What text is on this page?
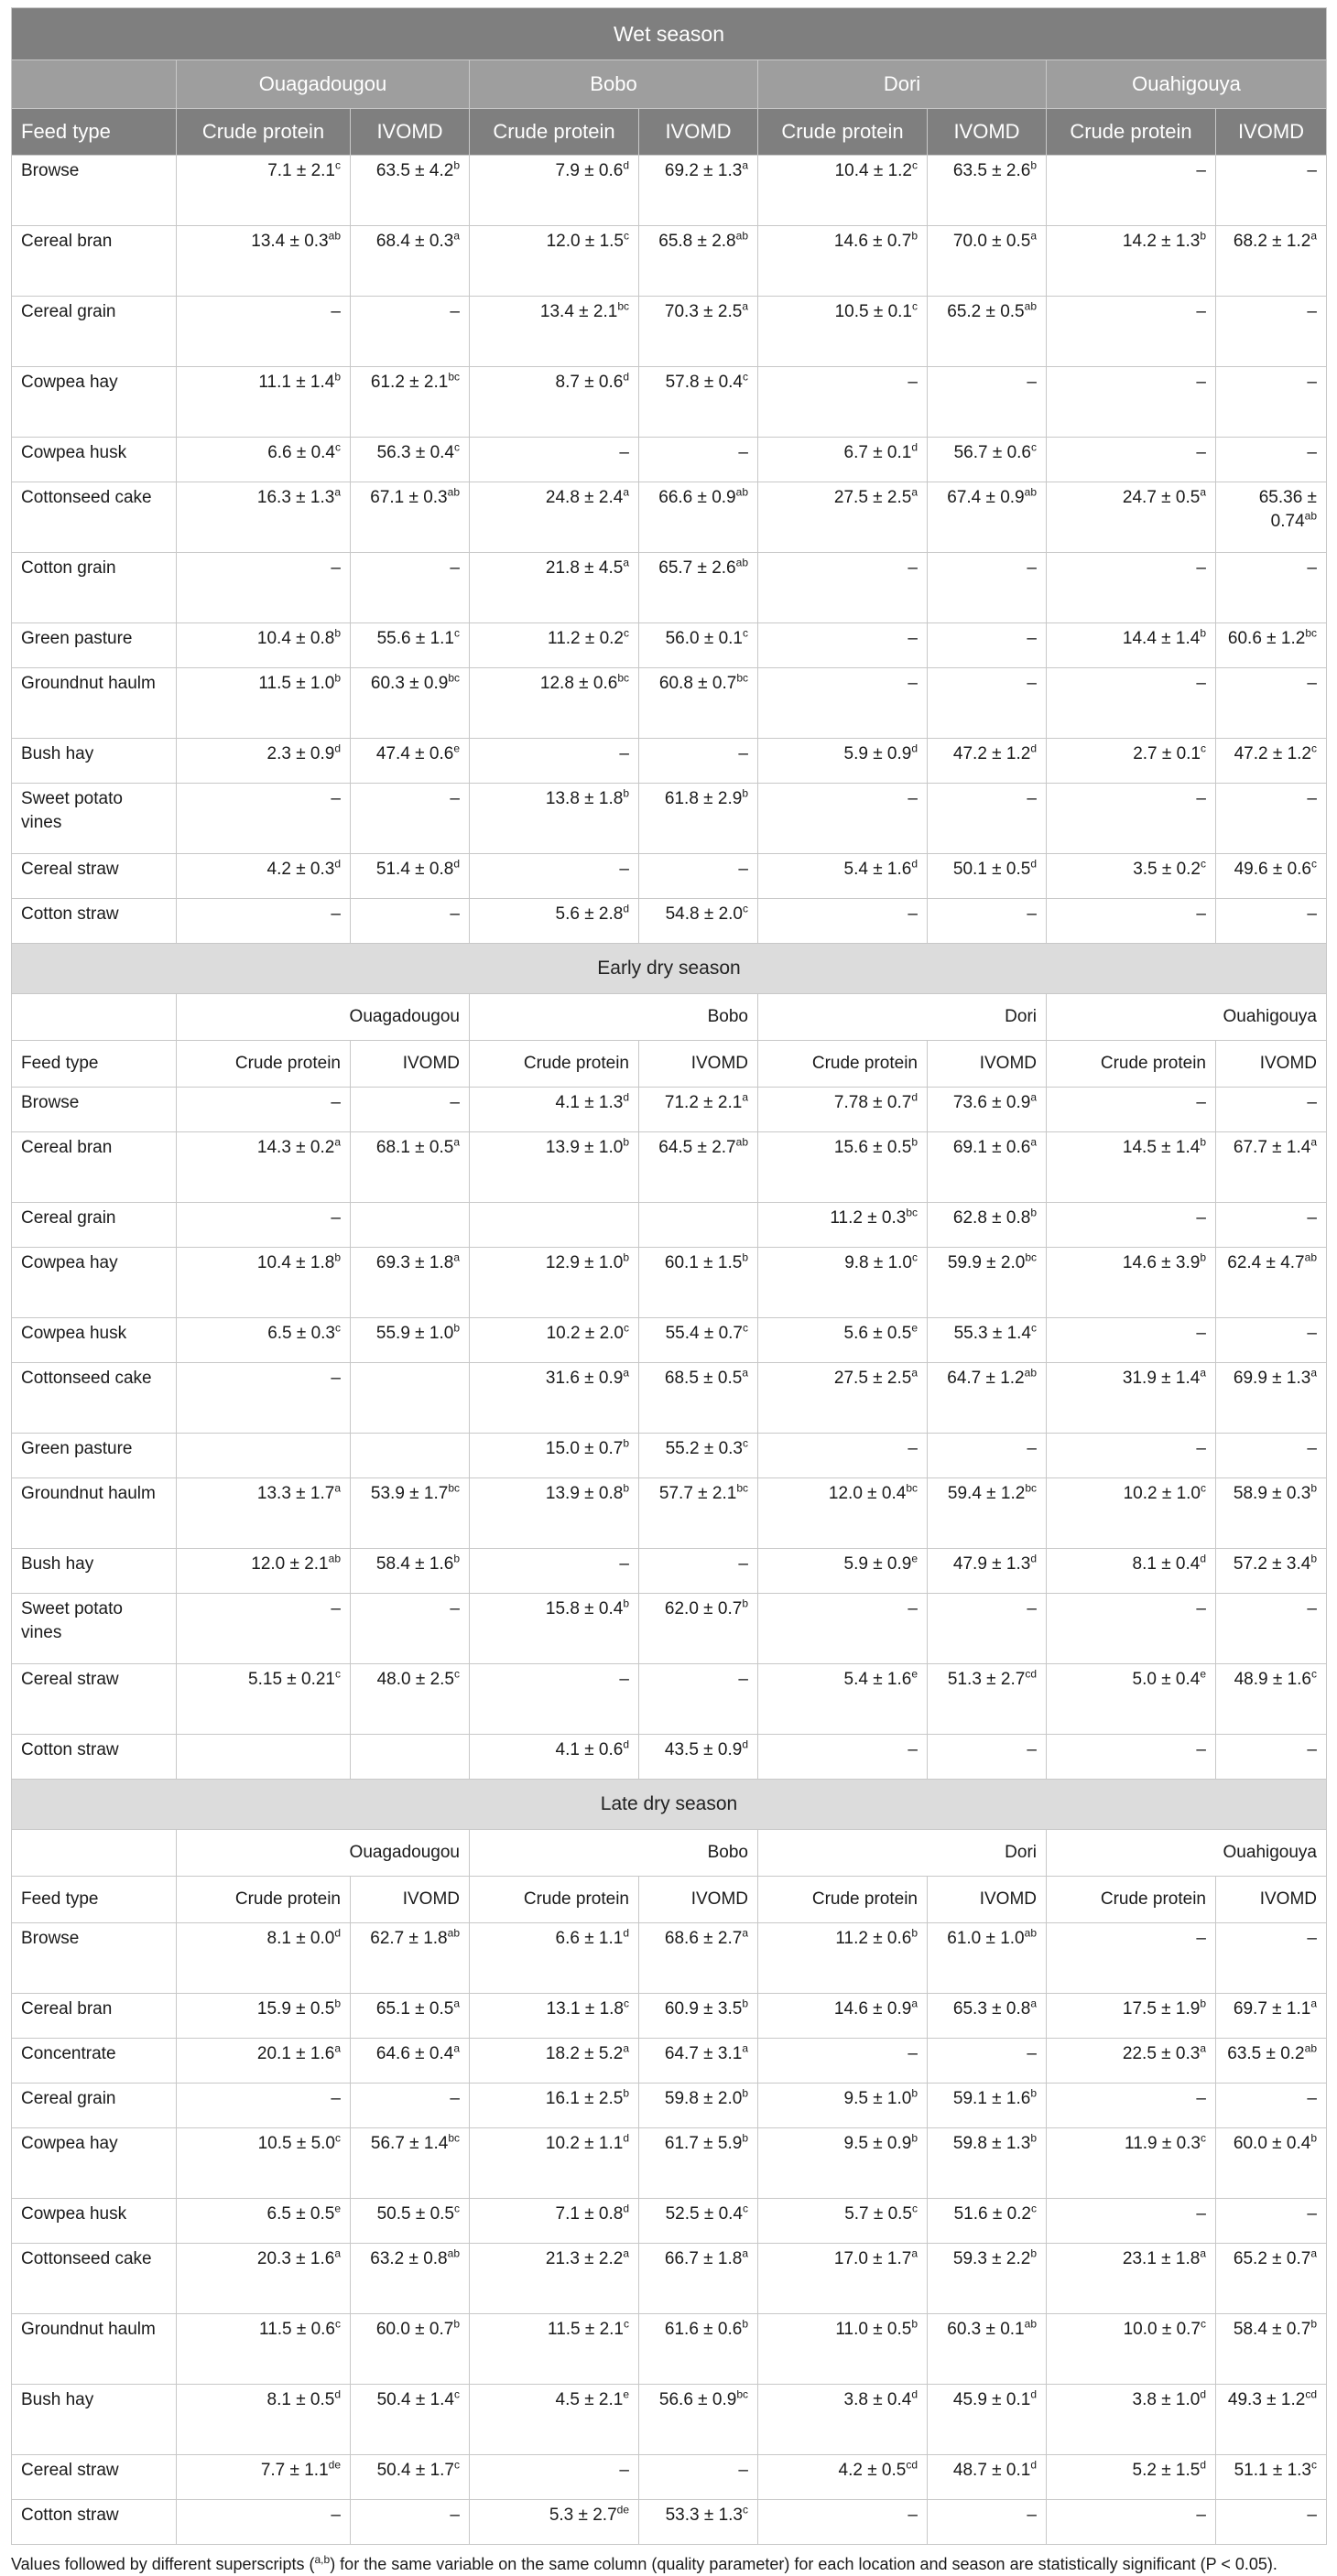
Wet season								
	Ouagadougou		Bobo		Dori		Ouahigouya	
Feed type	Crude protein	IVOMD	Crude protein	IVOMD	Crude protein	IVOMD	Crude protein	IVOMD
Browse	7.1 ± 2.1$^c$	63.5 ± 4.2$^b$	7.9 ± 0.6$^d$	69.2 ± 1.3$^a$	10.4 ± 1.2$^c$	63.5 ± 2.6$^b$	–	–
Cereal bran	13.4 ± 0.3$^{ab}$	68.4 ± 0.3$^a$	12.0 ± 1.5$^c$	65.8 ± 2.8$^{ab}$	14.6 ± 0.7$^b$	70.0 ± 0.5$^a$	14.2 ± 1.3$^b$	68.2 ± 1.2$^a$
Cereal grain	–	–	13.4 ± 2.1$^{bc}$	70.3 ± 2.5$^a$	10.5 ± 0.1$^c$	65.2 ± 0.5$^{ab}$	–	–
Cowpea hay	11.1 ± 1.4$^b$	61.2 ± 2.1$^{bc}$	8.7 ± 0.6$^d$	57.8 ± 0.4$^c$	–	–	–	–
Cowpea husk	6.6 ± 0.4$^c$	56.3 ± 0.4$^c$	–	–	6.7 ± 0.1$^d$	56.7 ± 0.6$^c$	–	–
Cottonseed cake	16.3 ± 1.3$^a$	67.1 ± 0.3$^{ab}$	24.8 ± 2.4$^a$	66.6 ± 0.9$^{ab}$	27.5 ± 2.5$^a$	67.4 ± 0.9$^{ab}$	24.7 ± 0.5$^a$	65.36 ± 0.74$^{ab}$
Cotton grain	–	–	21.8 ± 4.5$^a$	65.7 ± 2.6$^{ab}$	–	–	–	–
Green pasture	10.4 ± 0.8$^b$	55.6 ± 1.1$^c$	11.2 ± 0.2$^c$	56.0 ± 0.1$^c$	–	–	14.4 ± 1.4$^b$	60.6 ± 1.2$^{bc}$
Groundnut haulm	11.5 ± 1.0$^b$	60.3 ± 0.9$^{bc}$	12.8 ± 0.6$^{bc}$	60.8 ± 0.7$^{bc}$	–	–	–	–
Bush hay	2.3 ± 0.9$^d$	47.4 ± 0.6$^e$	–	–	5.9 ± 0.9$^d$	47.2 ± 1.2$^d$	2.7 ± 0.1$^c$	47.2 ± 1.2$^c$
Sweet potato vines	–	–	13.8 ± 1.8$^b$	61.8 ± 2.9$^b$	–	–	–	–
Cereal straw	4.2 ± 0.3$^d$	51.4 ± 0.8$^d$	–	–	5.4 ± 1.6$^d$	50.1 ± 0.5$^d$	3.5 ± 0.2$^c$	49.6 ± 0.6$^c$
Cotton straw	–	–	5.6 ± 2.8$^d$	54.8 ± 2.0$^c$	–	–	–	–
Early dry season								
	Ouagadougou		Bobo		Dori		Ouahigouya	
Feed type	Crude protein	IVOMD	Crude protein	IVOMD	Crude protein	IVOMD	Crude protein	IVOMD
Browse	–	–	4.1 ± 1.3$^d$	71.2 ± 2.1$^a$	7.78 ± 0.7$^d$	73.6 ± 0.9$^a$	–	–
Cereal bran	14.3 ± 0.2$^a$	68.1 ± 0.5$^a$	13.9 ± 1.0$^b$	64.5 ± 2.7$^{ab}$	15.6 ± 0.5$^b$	69.1 ± 0.6$^a$	14.5 ± 1.4$^b$	67.7 ± 1.4$^a$
Cereal grain	–				11.2 ± 0.3$^{bc}$	62.8 ± 0.8$^b$	–	–
Cowpea hay	10.4 ± 1.8$^b$	69.3 ± 1.8$^a$	12.9 ± 1.0$^b$	60.1 ± 1.5$^b$	9.8 ± 1.0$^c$	59.9 ± 2.0$^{bc}$	14.6 ± 3.9$^b$	62.4 ± 4.7$^{ab}$
Cowpea husk	6.5 ± 0.3$^c$	55.9 ± 1.0$^b$	10.2 ± 2.0$^c$	55.4 ± 0.7$^c$	5.6 ± 0.5$^e$	55.3 ± 1.4$^c$	–	–
Cottonseed cake	–		31.6 ± 0.9$^a$	68.5 ± 0.5$^a$	27.5 ± 2.5$^a$	64.7 ± 1.2$^{ab}$	31.9 ± 1.4$^a$	69.9 ± 1.3$^a$
Green pasture			15.0 ± 0.7$^b$	55.2 ± 0.3$^c$	–	–	–	–
Groundnut haulm	13.3 ± 1.7$^a$	53.9 ± 1.7$^{bc}$	13.9 ± 0.8$^b$	57.7 ± 2.1$^{bc}$	12.0 ± 0.4$^{bc}$	59.4 ± 1.2$^{bc}$	10.2 ± 1.0$^c$	58.9 ± 0.3$^b$
Bush hay	12.0 ± 2.1$^{ab}$	58.4 ± 1.6$^b$	–	–	5.9 ± 0.9$^e$	47.9 ± 1.3$^d$	8.1 ± 0.4$^d$	57.2 ± 3.4$^b$
Sweet potato vines	–	–	15.8 ± 0.4$^b$	62.0 ± 0.7$^b$	–	–	–	–
Cereal straw	5.15 ± 0.21$^c$	48.0 ± 2.5$^c$	–	–	5.4 ± 1.6$^e$	51.3 ± 2.7$^{cd}$	5.0 ± 0.4$^e$	48.9 ± 1.6$^c$
Cotton straw			4.1 ± 0.6$^d$	43.5 ± 0.9$^d$	–	–	–	–
Late dry season								
	Ouagadougou		Bobo		Dori		Ouahigouya	
Feed type	Crude protein	IVOMD	Crude protein	IVOMD	Crude protein	IVOMD	Crude protein	IVOMD
Browse	8.1 ± 0.0$^d$	62.7 ± 1.8$^{ab}$	6.6 ± 1.1$^d$	68.6 ± 2.7$^a$	11.2 ± 0.6$^b$	61.0 ± 1.0$^{ab}$	–	–
Cereal bran	15.9 ± 0.5$^b$	65.1 ± 0.5$^a$	13.1 ± 1.8$^c$	60.9 ± 3.5$^b$	14.6 ± 0.9$^a$	65.3 ± 0.8$^a$	17.5 ± 1.9$^b$	69.7 ± 1.1$^a$
Concentrate	20.1 ± 1.6$^a$	64.6 ± 0.4$^a$	18.2 ± 5.2$^a$	64.7 ± 3.1$^a$	–	–	22.5 ± 0.3$^a$	63.5 ± 0.2$^{ab}$
Cereal grain	–	–	16.1 ± 2.5$^b$	59.8 ± 2.0$^b$	9.5 ± 1.0$^b$	59.1 ± 1.6$^b$	–	–
Cowpea hay	10.5 ± 5.0$^c$	56.7 ± 1.4$^{bc}$	10.2 ± 1.1$^d$	61.7 ± 5.9$^b$	9.5 ± 0.9$^b$	59.8 ± 1.3$^b$	11.9 ± 0.3$^c$	60.0 ± 0.4$^b$
Cowpea husk	6.5 ± 0.5$^e$	50.5 ± 0.5$^c$	7.1 ± 0.8$^d$	52.5 ± 0.4$^c$	5.7 ± 0.5$^c$	51.6 ± 0.2$^c$	–	–
Cottonseed cake	20.3 ± 1.6$^a$	63.2 ± 0.8$^{ab}$	21.3 ± 2.2$^a$	66.7 ± 1.8$^a$	17.0 ± 1.7$^a$	59.3 ± 2.2$^b$	23.1 ± 1.8$^a$	65.2 ± 0.7$^a$
Groundnut haulm	11.5 ± 0.6$^c$	60.0 ± 0.7$^b$	11.5 ± 2.1$^c$	61.6 ± 0.6$^b$	11.0 ± 0.5$^b$	60.3 ± 0.1$^{ab}$	10.0 ± 0.7$^c$	58.4 ± 0.7$^b$
Bush hay	8.1 ± 0.5$^d$	50.4 ± 1.4$^c$	4.5 ± 2.1$^e$	56.6 ± 0.9$^{bc}$	3.8 ± 0.4$^d$	45.9 ± 0.1$^d$	3.8 ± 1.0$^d$	49.3 ± 1.2$^{cd}$
Cereal straw	7.7 ± 1.1de	50.4 ± 1.7$^c$	–	–	4.2 ± 0.5$^{cd}$	48.7 ± 0.1$^d$	5.2 ± 1.5$^d$	51.1 ± 1.3$^c$
Cotton straw	–	–	5.3 ± 2.7de	53.3 ± 1.3$^c$	–	–	–	–
Values followed by different superscripts ($^{a,b}$) for the same variable on the same column (quality parameter) for each location and season are statistically significant (P < 0.05).
